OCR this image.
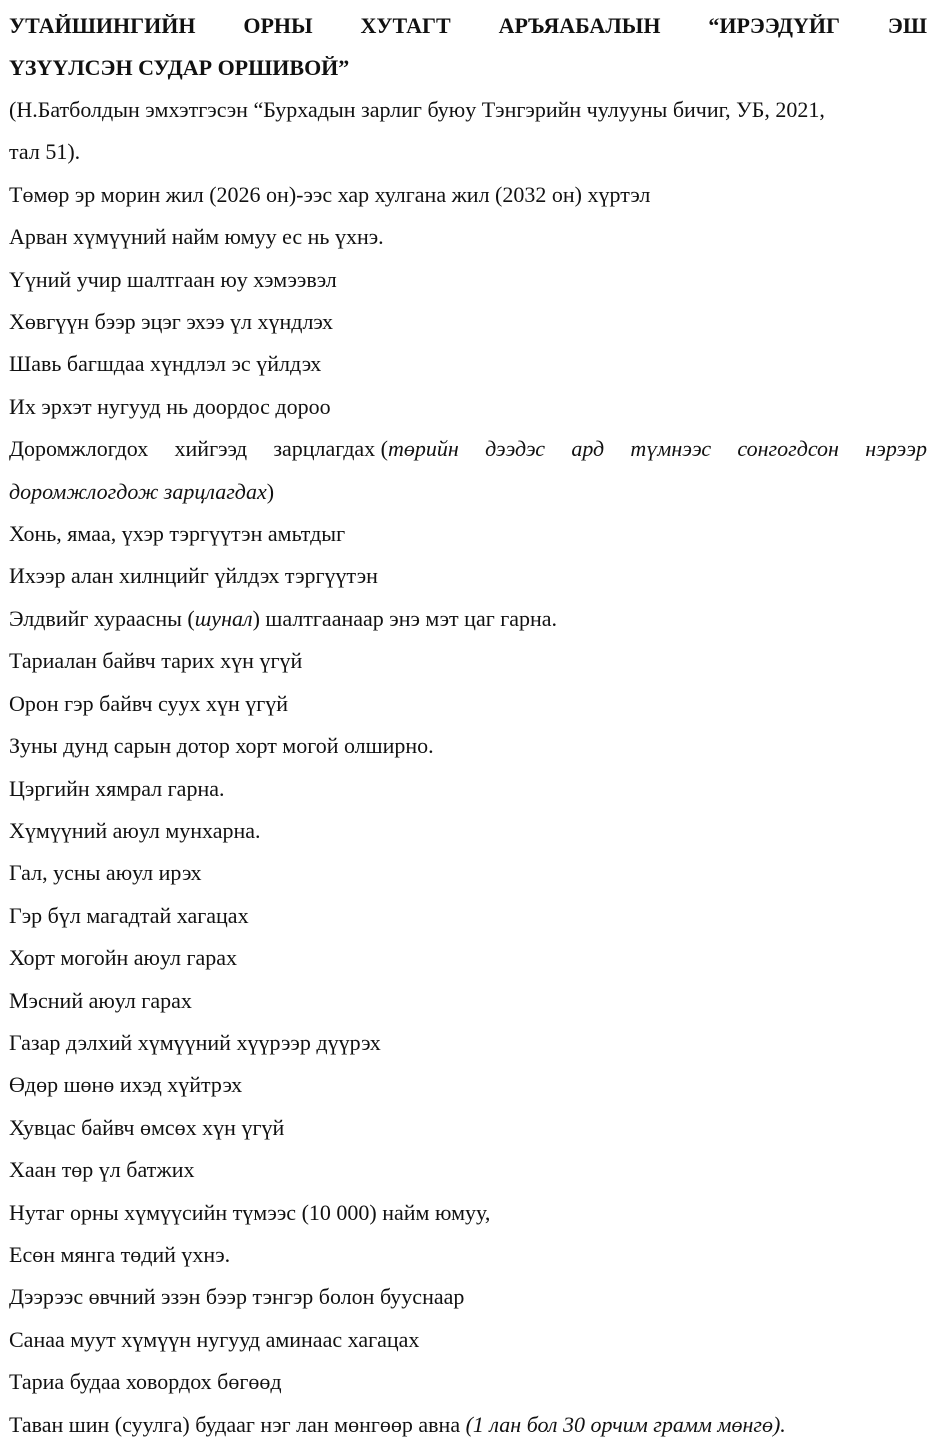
УТАЙШИНГИЙН ОРНЫ ХУТАГТ АРЪЯАБАЛЫН “ИРЭЭДҮЙГ ЭШ
ҮЗҮҮЛСЭН СУДАР ОРШИВОЙ”
(Н.Батболдын эмхэтгэсэн “Бурхадын зарлиг буюу Тэнгэрийн чулууны бичиг, УБ, 2021,
тал 51).
Төмөр эр морин жил (2026 он)-ээс хар хулгана жил (2032 он) хүртэл
Арван хүмүүний найм юмуу ес нь үхнэ.
Үүний учир шалтгаан юу хэмээвэл
Хөвгүүн бээр эцэг эхээ үл хүндлэх
Шавь багшдаа хүндлэл эс үйлдэх
Их эрхэт нугууд нь доордос дороо
Доромжлогдох хийгээд зарцлагдах (төрийн дээдэс ард түмнээс сонгогдсон нэрээр
доромжлогдож зарцлагдах)
Хонь, ямаа, үхэр тэргүүтэн амьтдыг
Ихээр алан хилнцийг үйлдэх тэргүүтэн
Элдвийг хураасны (шунал) шалтгаанаар энэ мэт цаг гарна.
Тариалан байвч тарих хүн үгүй
Орон гэр байвч суух хүн үгүй
Зуны дунд сарын дотор хорт могой олширно.
Цэргийн хямрал гарна.
Хүмүүний аюул мунхарна.
Гал, усны аюул ирэх
Гэр бүл магадтай хагацах
Хорт могойн аюул гарах
Мэсний аюул гарах
Газар дэлхий хүмүүний хүүрээр дүүрэх
Өдөр шөнө ихэд хүйтрэх
Хувцас байвч өмсөх хүн үгүй
Хаан төр үл батжих
Нутаг орны хүмүүсийн түмээс (10 000) найм юмуу,
Есөн мянга төдий үхнэ.
Дээрээс өвчний эзэн бээр тэнгэр болон бууснаар
Санаа муут хүмүүн нугууд аминаас хагацах
Тариа будаа ховордох бөгөөд
Таван шин (суулга) будааг нэг лан мөнгөөр авна (1 лан бол 30 орчим грамм мөнгө).
